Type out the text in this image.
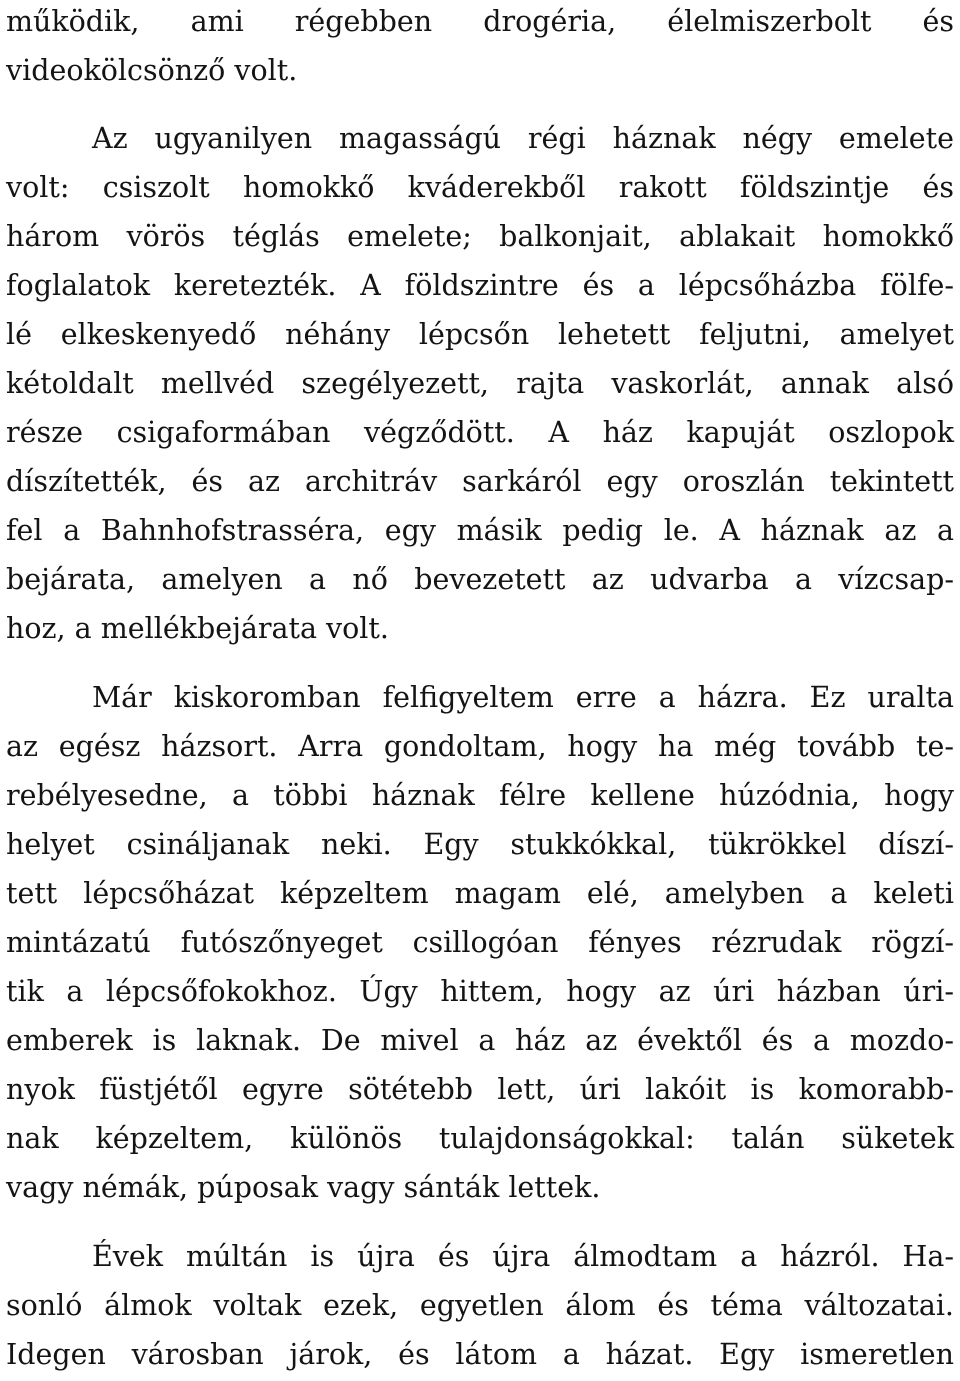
működik, ami régebben drogéria, élelmiszerbolt és
videokölcsönző volt.
Az ugyanilyen magasságú régi háznak négy emelete
volt: csiszolt homokkő kváderekből rakott földszintje és
három vörös téglás emelete; balkonjait, ablakait homokkő
foglalatok keretezték. A földszintre és a lépcsőházba fölfe-
lé elkeskenyedő néhány lépcsőn lehetett feljutni, amelyet
kétoldalt mellvéd szegélyezett, rajta vaskorlát, annak alsó
része csigaformában végződött. A ház kapuját oszlopok
díszítették, és az architráv sarkáról egy oroszlán tekintett
fel a Bahnhofstrasséra, egy másik pedig le. A háznak az a
bejárata, amelyen a nő bevezetett az udvarba a vízcsap-
hoz, a mellékbejárata volt.
Már kiskoromban felfigyeltem erre a házra. Ez uralta
az egész házsort. Arra gondoltam, hogy ha még tovább te-
rebélyesedne, a többi háznak félre kellene húzódnia, hogy
helyet csináljanak neki. Egy stukkókkal, tükrökkel díszí-
tett lépcsőházat képzeltem magam elé, amelyben a keleti
mintázatú futószőnyeget csillogóan fényes rézrudak rögzí-
tik a lépcsőfokokhoz. Úgy hittem, hogy az úri házban úri-
emberek is laknak. De mivel a ház az évektől és a mozdo-
nyok füstjétől egyre sötétebb lett, úri lakóit is komorabb-
nak képzeltem, különös tulajdonságokkal: talán süketek
vagy némák, púposak vagy sánták lettek.
Évek múltán is újra és újra álmodtam a házról. Ha-
sonló álmok voltak ezek, egyetlen álom és téma változatai.
Idegen városban járok, és látom a házat. Egy ismeretlen
